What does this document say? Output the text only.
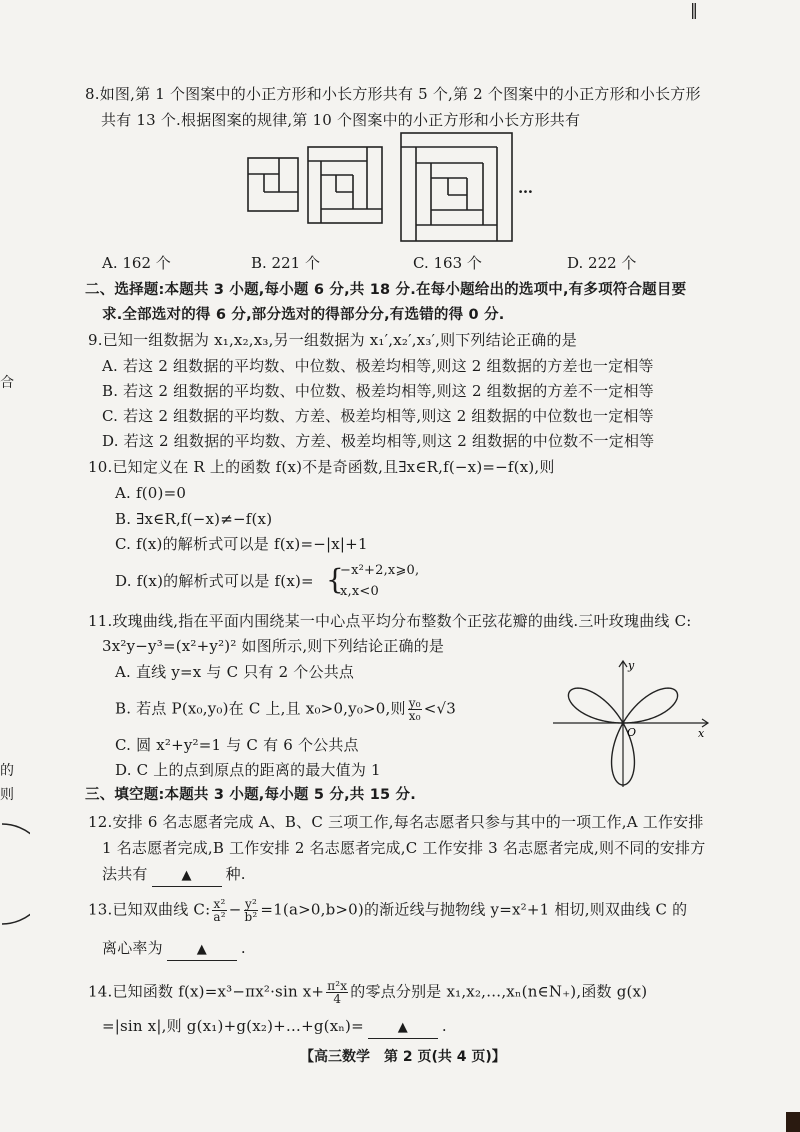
‖
8.如图,第 1 个图案中的小正方形和小长方形共有 5 个,第 2 个图案中的小正方形和小长方形
共有 13 个.根据图案的规律,第 10 个图案中的小正方形和小长方形共有
…
A. 162 个	B. 221 个	C. 163 个	D. 222 个
二、选择题:本题共 3 小题,每小题 6 分,共 18 分.在每小题给出的选项中,有多项符合题目要
求.全部选对的得 6 分,部分选对的得部分分,有选错的得 0 分.
9.已知一组数据为 x₁,x₂,x₃,另一组数据为 x₁′,x₂′,x₃′,则下列结论正确的是
A. 若这 2 组数据的平均数、中位数、极差均相等,则这 2 组数据的方差也一定相等
B. 若这 2 组数据的平均数、中位数、极差均相等,则这 2 组数据的方差不一定相等
C. 若这 2 组数据的平均数、方差、极差均相等,则这 2 组数据的中位数也一定相等
D. 若这 2 组数据的平均数、方差、极差均相等,则这 2 组数据的中位数不一定相等
10.已知定义在 R 上的函数 f(x)不是奇函数,且∃x∈R,f(−x)=−f(x),则
A. f(0)=0
B. ∃x∈R,f(−x)≠−f(x)
C. f(x)的解析式可以是 f(x)=−|x|+1
D. f(x)的解析式可以是 f(x)= {
−x²+2,x⩾0,
x,x<0
11.玫瑰曲线,指在平面内围绕某一中心点平均分布整数个正弦花瓣的曲线.三叶玫瑰曲线 C:
3x²y−y³=(x²+y²)² 如图所示,则下列结论正确的是
A. 直线 y=x 与 C 只有 2 个公共点
B. 若点 P(x₀,y₀)在 C 上,且 x₀>0,y₀>0,则 $\frac{\text{y₀}}{\text{x₀}} <√3$
C. 圆 x²+y²=1 与 C 有 6 个公共点
D. C 上的点到原点的距离的最大值为 1
y
x
O
三、填空题:本题共 3 小题,每小题 5 分,共 15 分.
12.安排 6 名志愿者完成 A、B、C 三项工作,每名志愿者只参与其中的一项工作,A 工作安排
1 名志愿者完成,B 工作安排 2 名志愿者完成,C 工作安排 3 名志愿者完成,则不同的安排方
法共有	▲ 种.
13.已知双曲线 C: $\frac{\text{x²}}{\text{a²}} - \frac{\text{y²}}{\text{b²}} =1(a>0,b>0)$的渐近线与抛物线 y=x²+1 相切,则双曲线 C 的
离心率为	▲ .
14.已知函数 f(x)=x³−πx²·sin $x+ \frac{\text{π²x}}{4}$ 的零点分别是 x₁,x₂,…,xₙ(n∈N₊),函数 g(x)
=|sin x|,则 g(x₁)+g(x₂)+…+g(xₙ)=	▲ .
【高三数学　第 2 页(共 4 页)】
合
的
则
